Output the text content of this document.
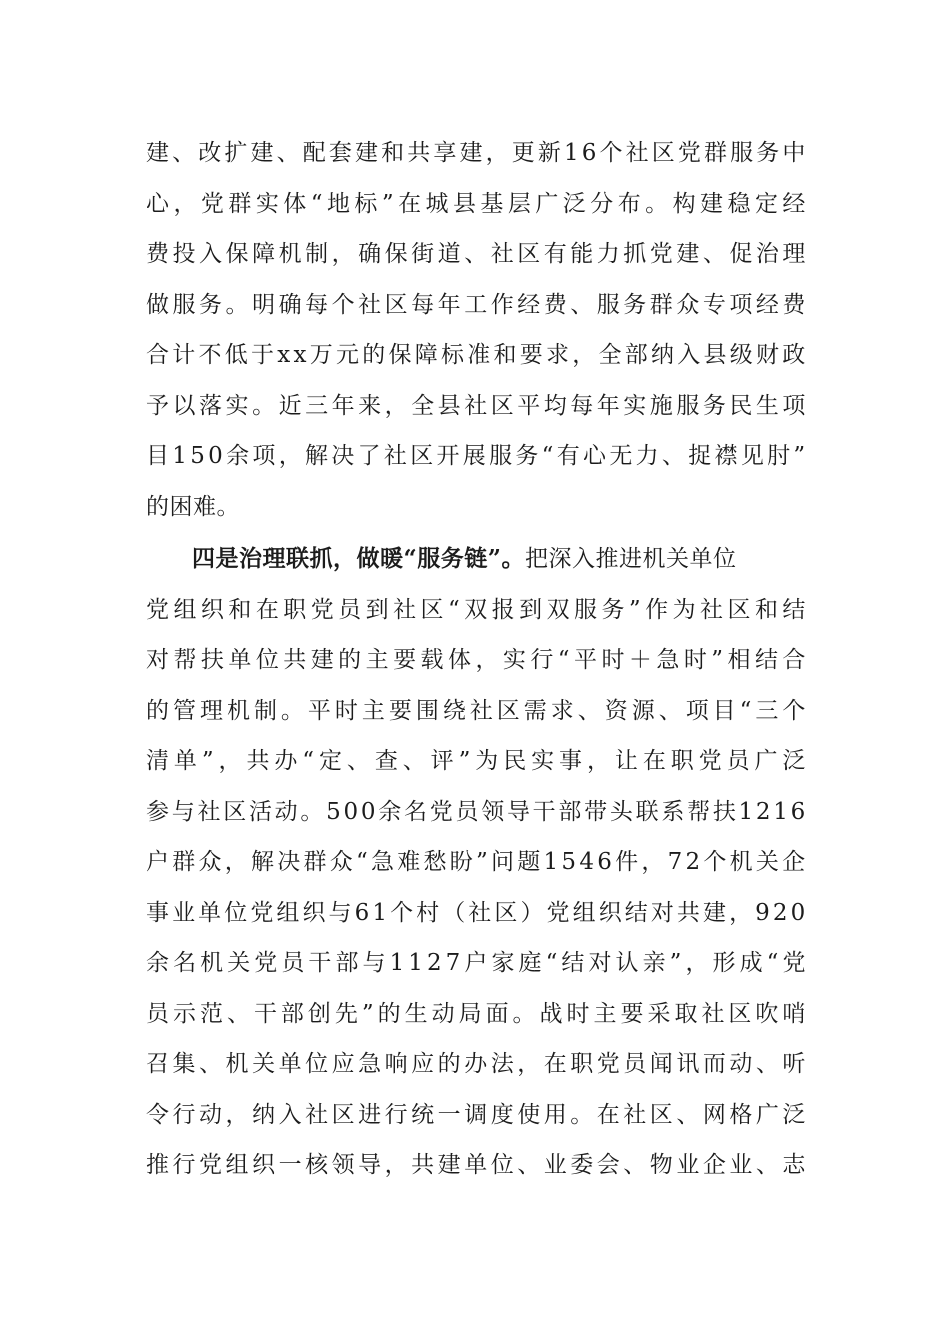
建 、 改 扩 建 、 配 套 建 和 共 享 建 ， 更 新 1 6 个 社 区 党 群 服 务 中
心 ， 党 群 实 体 “ 地 标 ” 在 城 县 基 层 广 泛 分 布 。 构 建 稳 定 经
费 投 入 保 障 机 制 ， 确 保 街 道 、 社 区 有 能 力 抓 党 建 、 促 治 理
做 服 务 。 明 确 每 个 社 区 每 年 工 作 经 费 、 服 务 群 众 专 项 经 费
合 计 不 低 于 x x 万 元 的 保 障 标 准 和 要 求 ， 全 部 纳 入 县 级 财 政
予 以 落 实 。 近 三 年 来 ， 全 县 社 区 平 均 每 年 实 施 服 务 民 生 项
目 1 5 0 余 项 ， 解 决 了 社 区 开 展 服 务 “ 有 心 无 力 、 捉 襟 见 肘 ”
的困难。
四是治理联抓，做暖“服务链”。 把深入推进机关单位
党 组 织 和 在 职 党 员 到 社 区 “ 双 报 到 双 服 务 ” 作 为 社 区 和 结
对 帮 扶 单 位 共 建 的 主 要 载 体 ， 实 行 “ 平 时 ＋ 急 时 ” 相 结 合
的 管 理 机 制 。 平 时 主 要 围 绕 社 区 需 求 、 资 源 、 项 目 “ 三 个
清 单 ” ， 共 办 “ 定 、 查 、 评 ” 为 民 实 事 ， 让 在 职 党 员 广 泛
参 与 社 区 活 动 。 5 0 0 余 名 党 员 领 导 干 部 带 头 联 系 帮 扶 1 2 1 6
户 群 众 ， 解 决 群 众 “ 急 难 愁 盼 ” 问 题 1 5 4 6 件 ， 7 2 个 机 关 企
事 业 单 位 党 组 织 与 6 1 个 村 （ 社 区 ） 党 组 织 结 对 共 建 ， 9 2 0
余 名 机 关 党 员 干 部 与 1 1 2 7 户 家 庭 “ 结 对 认 亲 ” ， 形 成 “ 党
员 示 范 、 干 部 创 先 ” 的 生 动 局 面 。 战 时 主 要 采 取 社 区 吹 哨
召 集 、 机 关 单 位 应 急 响 应 的 办 法 ， 在 职 党 员 闻 讯 而 动 、 听
令 行 动 ， 纳 入 社 区 进 行 统 一 调 度 使 用 。 在 社 区 、 网 格 广 泛
推 行 党 组 织 一 核 领 导 ， 共 建 单 位 、 业 委 会 、 物 业 企 业 、 志
